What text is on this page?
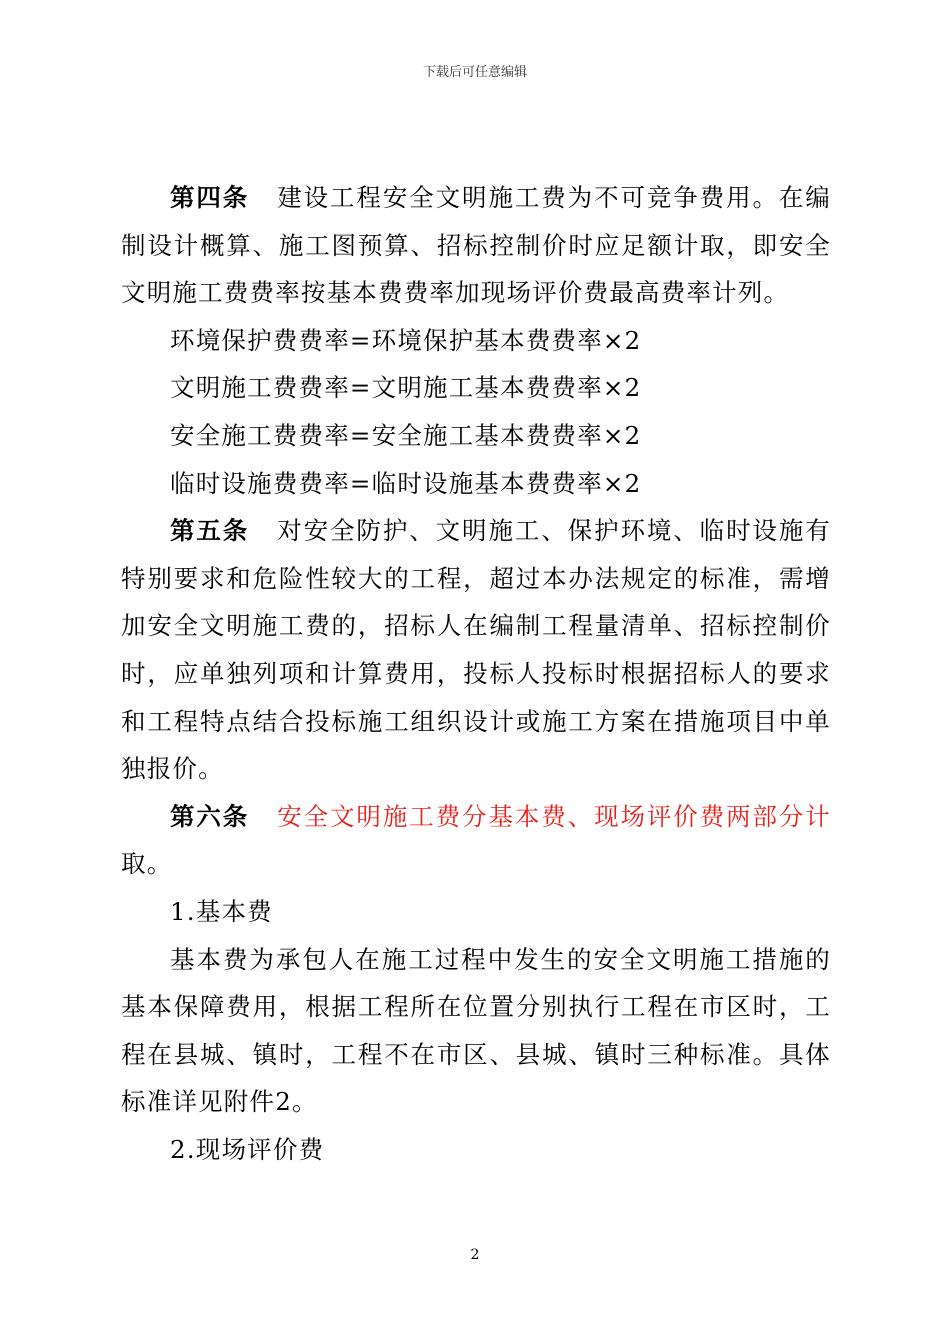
下载后可任意编辑

第四条 建设工程安全文明施工费为不可竞争费用。在编制设计概算、施工图预算、招标控制价时应足额计取，即安全文明施工费费率按基本费费率加现场评价费最高费率计列。

环境保护费费率=环境保护基本费费率×2

文明施工费费率=文明施工基本费费率×2

安全施工费费率=安全施工基本费费率×2

临时设施费费率=临时设施基本费费率×2

第五条 对安全防护、文明施工、保护环境、临时设施有特别要求和危险性较大的工程，超过本办法规定的标准，需增加安全文明施工费的，招标人在编制工程量清单、招标控制价时，应单独列项和计算费用，投标人投标时根据招标人的要求和工程特点结合投标施工组织设计或施工方案在措施项目中单独报价。

第六条 安全文明施工费分基本费、现场评价费两部分计取。

1.基本费

基本费为承包人在施工过程中发生的安全文明施工措施的基本保障费用，根据工程所在位置分别执行工程在市区时，工程在县城、镇时，工程不在市区、县城、镇时三种标准。具体标准详见附件2。

2.现场评价费

2
